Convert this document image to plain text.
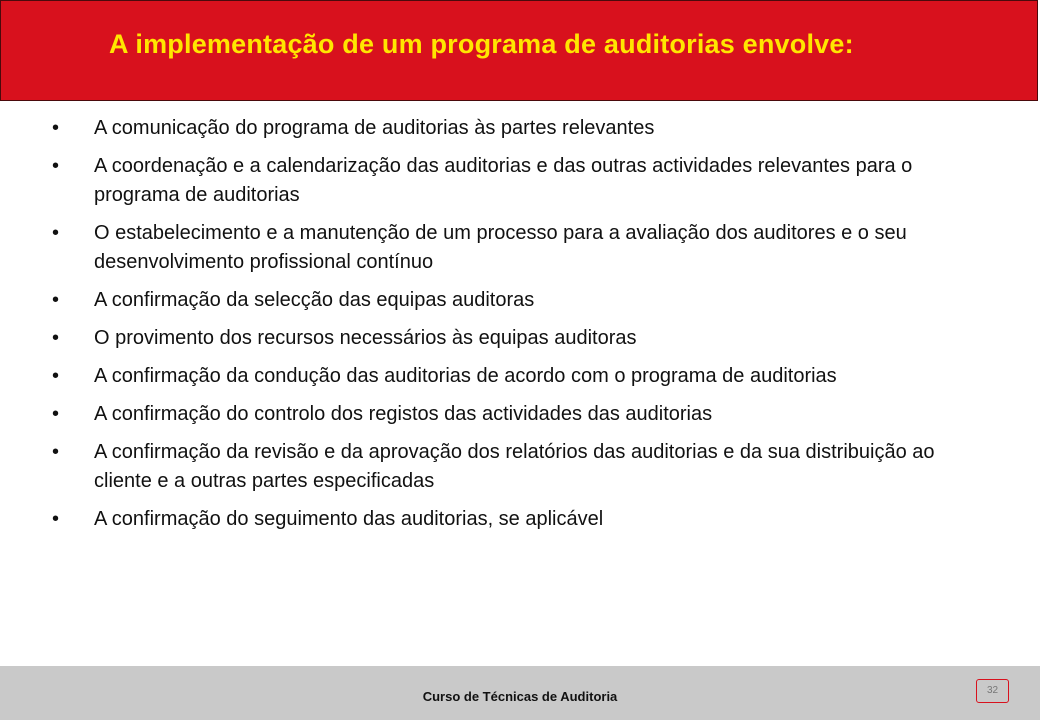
A implementação de um programa de auditorias envolve:
• A comunicação do programa de auditorias às partes relevantes
• A coordenação e a calendarização das auditorias e das outras actividades relevantes para o programa de auditorias
• O estabelecimento e a manutenção de um processo para a avaliação dos auditores e o seu desenvolvimento profissional contínuo
• A confirmação da selecção das equipas auditoras
• O provimento dos recursos necessários às equipas auditoras
• A confirmação da condução das auditorias de acordo com o programa de auditorias
• A confirmação do controlo dos registos das actividades das auditorias
• A confirmação da revisão e da aprovação dos relatórios das auditorias e da sua distribuição ao cliente e a outras partes especificadas
• A confirmação do seguimento das auditorias, se aplicável
Curso de Técnicas de Auditoria	32
